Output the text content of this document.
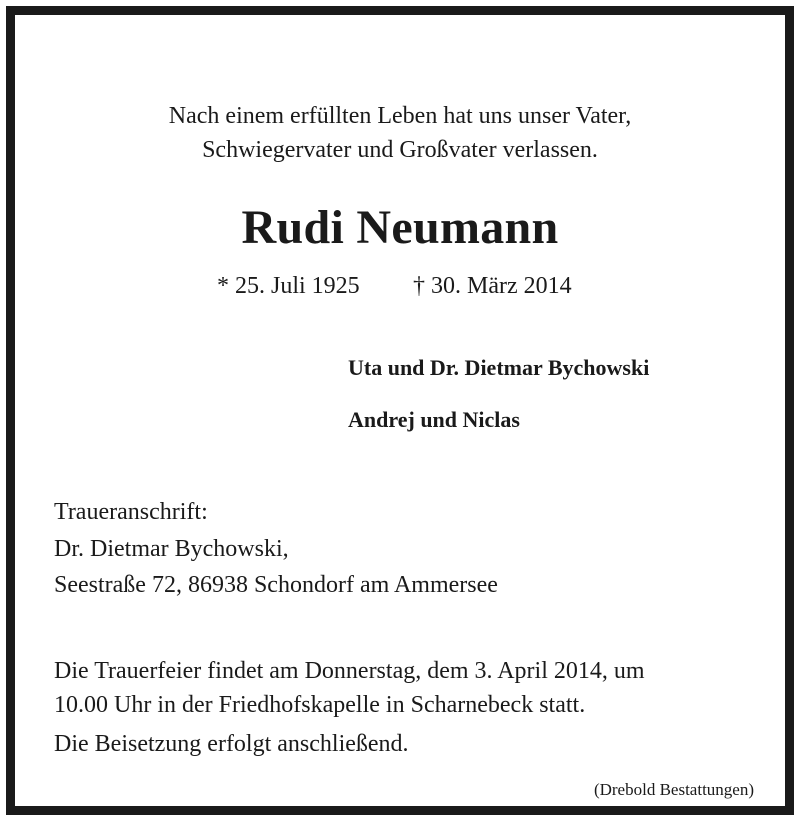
Nach einem erfüllten Leben hat uns unser Vater,

Schwiegervater und Großvater verlassen.

Rudi Neumann
* 25. Juli 1925 † 30. März 2014
Uta und Dr. Dietmar Bychowski
Andrej und Niclas
Traueranschrift:
Dr. Dietmar Bychowski,
Seestraße 72, 86938 Schondorf am Ammersee
Die Trauerfeier findet am Donnerstag, dem 3. April 2014, um
10.00 Uhr in der Friedhofskapelle in Scharnebeck statt.
Die Beisetzung erfolgt anschließend.
(Drebold Bestattungen)
